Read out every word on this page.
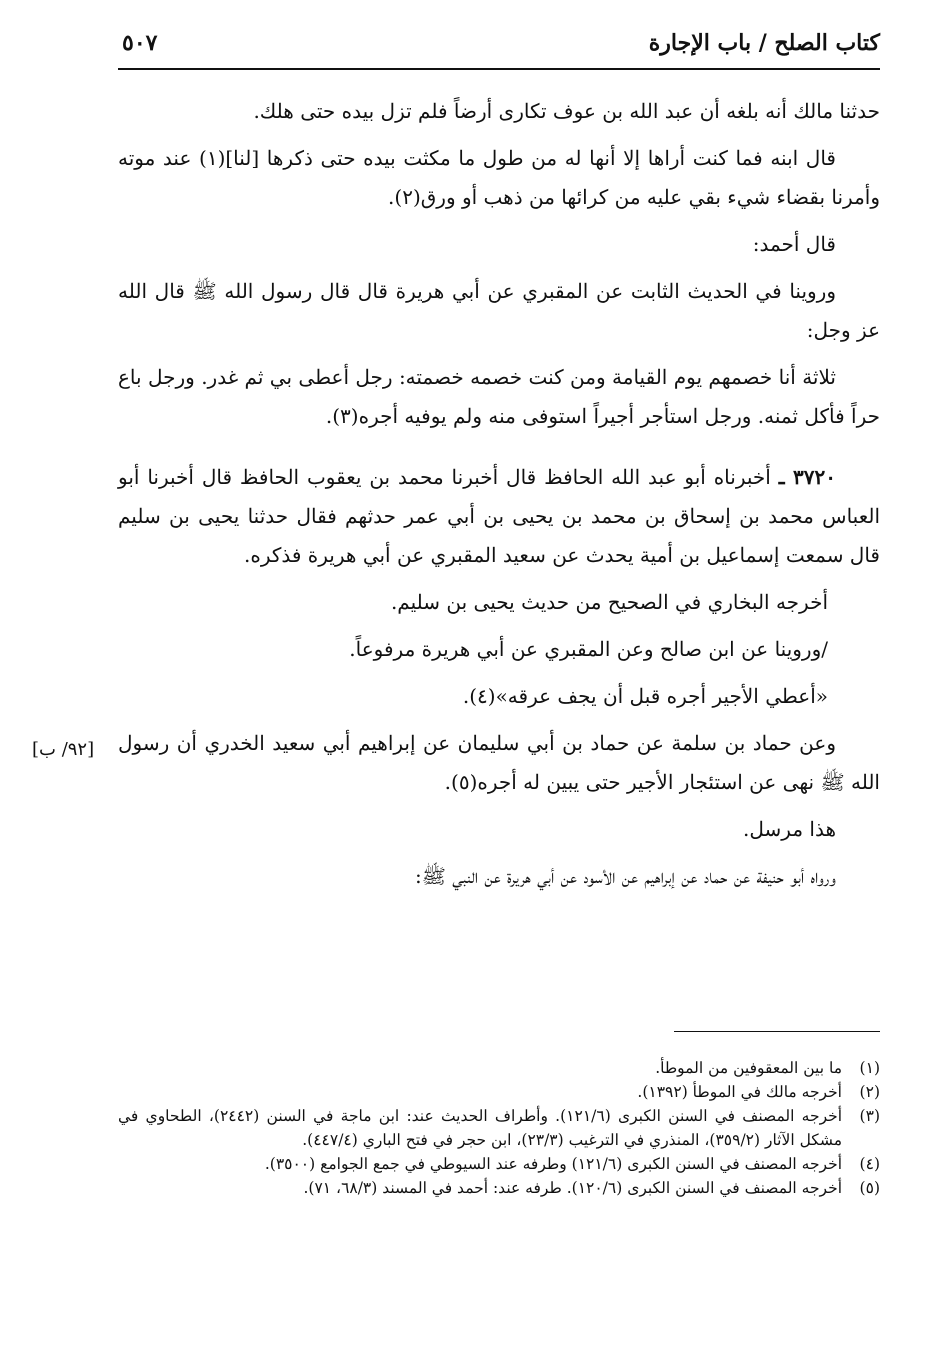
كتاب الصلح / باب الإجارة
٥٠٧
[٩٢/ ب]

حدثنا مالك أنه بلغه أن عبد الله بن عوف تكارى أرضاً فلم تزل بيده حتى هلك.

قال ابنه فما كنت أراها إلا أنها له من طول ما مكثت بيده حتى ذكرها [لنا](١) عند موته وأمرنا بقضاء شيء بقي عليه من كرائها من ذهب أو ورق(٢).

قال أحمد:

وروينا في الحديث الثابت عن المقبري عن أبي هريرة قال قال رسول الله ﷺ قال الله عز وجل:

ثلاثة أنا خصمهم يوم القيامة ومن كنت خصمه خصمته: رجل أعطى بي ثم غدر. ورجل باع حراً فأكل ثمنه. ورجل استأجر أجيراً استوفى منه ولم يوفيه أجره(٣).

٣٧٢٠ ـ أخبرناه أبو عبد الله الحافظ قال أخبرنا محمد بن يعقوب الحافظ قال أخبرنا أبو العباس محمد بن إسحاق بن محمد بن يحيى بن أبي عمر حدثهم فقال حدثنا يحيى بن سليم قال سمعت إسماعيل بن أمية يحدث عن سعيد المقبري عن أبي هريرة فذكره.

أخرجه البخاري في الصحيح من حديث يحيى بن سليم.

/وروينا عن ابن صالح وعن المقبري عن أبي هريرة مرفوعاً.

«أعطي الأجير أجره قبل أن يجف عرقه»(٤).

وعن حماد بن سلمة عن حماد بن أبي سليمان عن إبراهيم أبي سعيد الخدري أن رسول الله ﷺ نهى عن استئجار الأجير حتى يبين له أجره(٥).

هذا مرسل.

ورواه أبو حنيفة عن حماد عن إبراهيم عن الأسود عن أبي هريرة عن النبي ﷺ:

(١)
ما بين المعقوفين من الموطأ.
(٢)
أخرجه مالك في الموطأ (١٣٩٢).
(٣)
أخرجه المصنف في السنن الكبرى (١٢١/٦). وأطراف الحديث عند: ابن ماجة في السنن (٢٤٤٢)، الطحاوي في مشكل الآثار (٣٥٩/٢)، المنذري في الترغيب (٢٣/٣)، ابن حجر في فتح الباري (٤٤٧/٤).
(٤)
أخرجه المصنف في السنن الكبرى (١٢١/٦) وطرفه عند السيوطي في جمع الجوامع (٣٥٠٠).
(٥)
أخرجه المصنف في السنن الكبرى (١٢٠/٦). طرفه عند: أحمد في المسند (٦٨/٣، ٧١).
